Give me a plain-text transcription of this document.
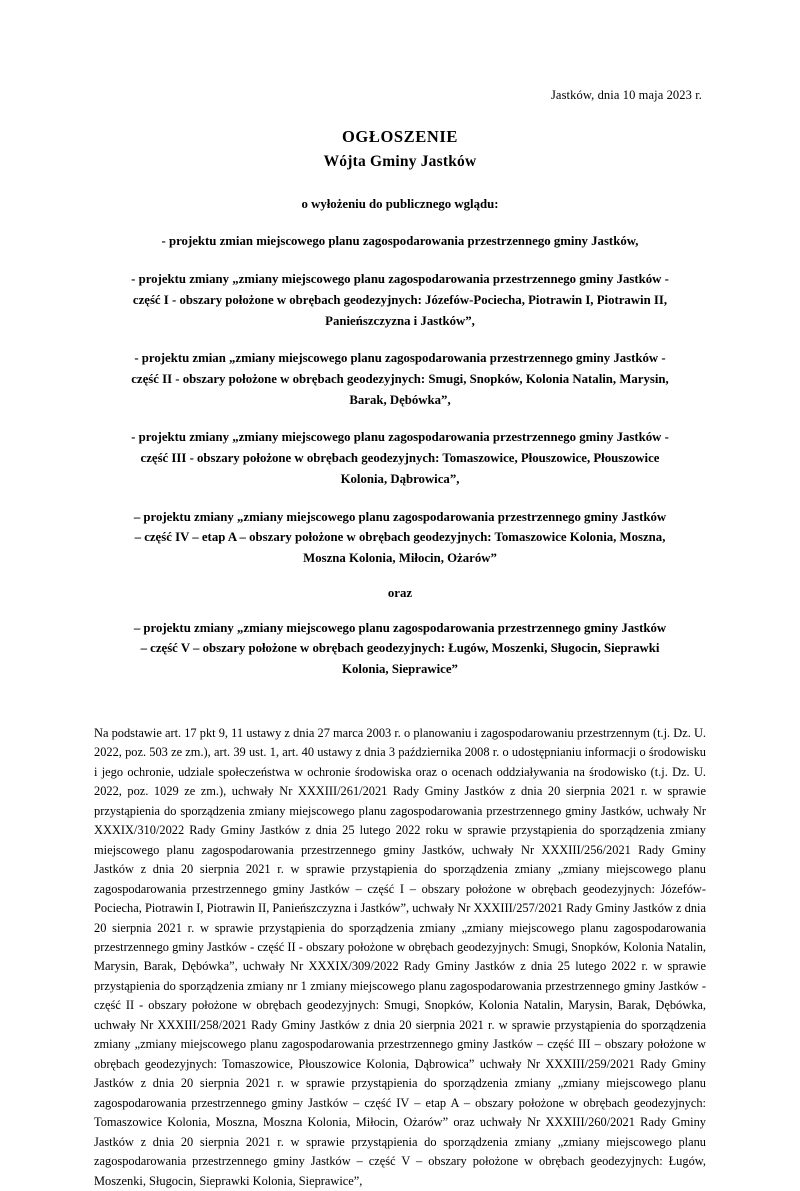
Jastków, dnia 10 maja 2023 r.
OGŁOSZENIE
Wójta Gminy Jastków
o wyłożeniu do publicznego wglądu:
- projektu zmian miejscowego planu zagospodarowania przestrzennego gminy Jastków,
- projektu zmiany „zmiany miejscowego planu zagospodarowania przestrzennego gminy Jastków - część I - obszary położone w obrębach geodezyjnych: Józefów-Pociecha, Piotrawin I, Piotrawin II, Panieńszczyzna i Jastków”,
- projektu zmian „zmiany miejscowego planu zagospodarowania przestrzennego gminy Jastków - część II - obszary położone w obrębach geodezyjnych: Smugi, Snopków, Kolonia Natalin, Marysin, Barak, Dębówka”,
- projektu zmiany „zmiany miejscowego planu zagospodarowania przestrzennego gminy Jastków - część III - obszary położone w obrębach geodezyjnych: Tomaszowice, Płouszowice, Płouszowice Kolonia, Dąbrowica”,
– projektu zmiany „zmiany miejscowego planu zagospodarowania przestrzennego gminy Jastków – część IV – etap A – obszary położone w obrębach geodezyjnych: Tomaszowice Kolonia, Moszna, Moszna Kolonia, Miłocin, Ożarów”
oraz
– projektu zmiany „zmiany miejscowego planu zagospodarowania przestrzennego gminy Jastków – część V – obszary położone w obrębach geodezyjnych: Ługów, Moszenki, Sługocin, Sieprawki Kolonia, Sieprawice”

Na podstawie art. 17 pkt 9, 11 ustawy z dnia 27 marca 2003 r. o planowaniu i zagospodarowaniu przestrzennym (t.j. Dz. U. 2022, poz. 503 ze zm.), art. 39 ust. 1, art. 40 ustawy z dnia 3 października 2008 r. o udostępnianiu informacji o środowisku i jego ochronie, udziale społeczeństwa w ochronie środowiska oraz o ocenach oddziaływania na środowisko (t.j. Dz. U. 2022, poz. 1029 ze zm.), uchwały Nr XXXIII/261/2021 Rady Gminy Jastków z dnia 20 sierpnia 2021 r. w sprawie przystąpienia do sporządzenia zmiany miejscowego planu zagospodarowania przestrzennego gminy Jastków, uchwały Nr XXXIX/310/2022 Rady Gminy Jastków z dnia 25 lutego 2022 roku w sprawie przystąpienia do sporządzenia zmiany miejscowego planu zagospodarowania przestrzennego gminy Jastków, uchwały Nr XXXIII/256/2021 Rady Gminy Jastków z dnia 20 sierpnia 2021 r. w sprawie przystąpienia do sporządzenia zmiany „zmiany miejscowego planu zagospodarowania przestrzennego gminy Jastków – część I – obszary położone w obrębach geodezyjnych: Józefów-Pociecha, Piotrawin I, Piotrawin II, Panieńszczyzna i Jastków”, uchwały Nr XXXIII/257/2021 Rady Gminy Jastków z dnia 20 sierpnia 2021 r. w sprawie przystąpienia do sporządzenia zmiany „zmiany miejscowego planu zagospodarowania przestrzennego gminy Jastków - część II - obszary położone w obrębach geodezyjnych: Smugi, Snopków, Kolonia Natalin, Marysin, Barak, Dębówka”, uchwały Nr XXXIX/309/2022 Rady Gminy Jastków z dnia 25 lutego 2022 r. w sprawie przystąpienia do sporządzenia zmiany nr 1 zmiany miejscowego planu zagospodarowania przestrzennego gminy Jastków - część II - obszary położone w obrębach geodezyjnych: Smugi, Snopków, Kolonia Natalin, Marysin, Barak, Dębówka, uchwały Nr XXXIII/258/2021 Rady Gminy Jastków z dnia 20 sierpnia 2021 r. w sprawie przystąpienia do sporządzenia zmiany „zmiany miejscowego planu zagospodarowania przestrzennego gminy Jastków – część III – obszary położone w obrębach geodezyjnych: Tomaszowice, Płouszowice Kolonia, Dąbrowica” uchwały Nr XXXIII/259/2021 Rady Gminy Jastków z dnia 20 sierpnia 2021 r. w sprawie przystąpienia do sporządzenia zmiany „zmiany miejscowego planu zagospodarowania przestrzennego gminy Jastków – część IV – etap A – obszary położone w obrębach geodezyjnych: Tomaszowice Kolonia, Moszna, Moszna Kolonia, Miłocin, Ożarów” oraz uchwały Nr XXXIII/260/2021 Rady Gminy Jastków z dnia 20 sierpnia 2021 r. w sprawie przystąpienia do sporządzenia zmiany „zmiany miejscowego planu zagospodarowania przestrzennego gminy Jastków – część V – obszary położone w obrębach geodezyjnych: Ługów, Moszenki, Sługocin, Sieprawki Kolonia, Sieprawice”,
